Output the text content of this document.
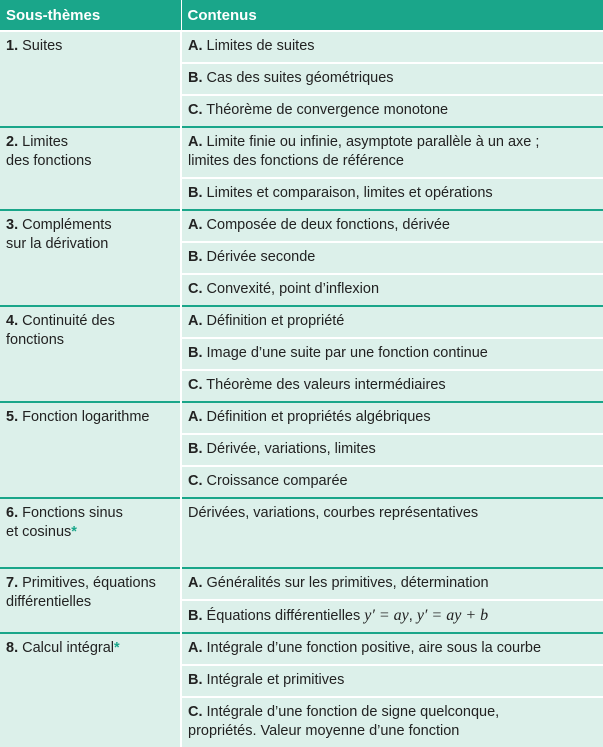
Sous-thèmes	Contenus
1. Suites	A. Limites de suites
	B. Cas des suites géométriques
	C. Théorème de convergence monotone
2. Limites
des fonctions	A. Limite finie ou infinie, asymptote parallèle à un axe ;
limites des fonctions de référence
	B. Limites et comparaison, limites et opérations
3. Compléments
sur la dérivation	A. Composée de deux fonctions, dérivée
	B. Dérivée seconde
	C. Convexité, point d’inflexion
4. Continuité des
fonctions	A. Définition et propriété
	B. Image d’une suite par une fonction continue
	C. Théorème des valeurs intermédiaires
5. Fonction logarithme	A. Définition et propriétés algébriques
	B. Dérivée, variations, limites
	C. Croissance comparée
6. Fonctions sinus
et cosinus*	Dérivées, variations, courbes représentatives
7. Primitives, équations
différentielles	A. Généralités sur les primitives, détermination
	B. Équations différentielles y′ = ay, y′ = ay + b
8. Calcul intégral*	A. Intégrale d’une fonction positive, aire sous la courbe
	B. Intégrale et primitives
	C. Intégrale d’une fonction de signe quelconque,
propriétés. Valeur moyenne d’une fonction
